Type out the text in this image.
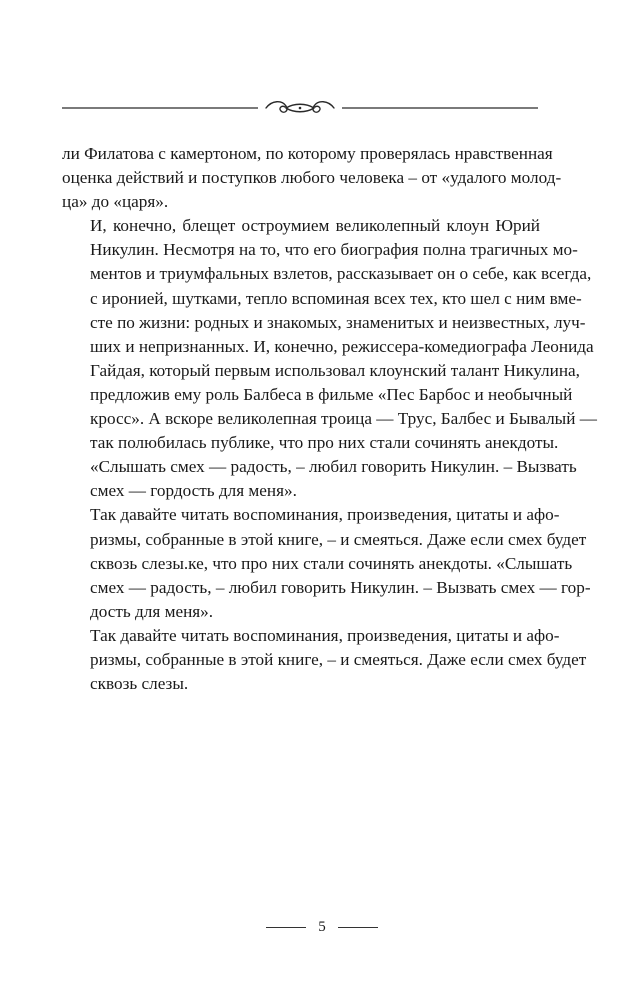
ли Филатова с камертоном, по которому проверялась нравственная
оценка действий и поступков любого человека – от «удалого молод-
ца» до «царя».

И, конечно, блещет остроумием великолепный клоун Юрий
Никулин. Несмотря на то, что его биография полна трагичных мо-
ментов и триумфальных взлетов, рассказывает он о себе, как всегда,
с иронией, шутками, тепло вспоминая всех тех, кто шел с ним вме-
сте по жизни: родных и знакомых, знаменитых и неизвестных, луч-
ших и непризнанных. И, конечно, режиссера-комедиографа Леонида
Гайдая, который первым использовал клоунский талант Никулина,
предложив ему роль Балбеса в фильме «Пес Барбос и необычный
кросс». А вскоре великолепная троица — Трус, Балбес и Бывалый —
так полюбилась публике, что про них стали сочинять анекдоты.
«Слышать смех — радость, – любил говорить Никулин. – Вызвать
смех — гордость для меня».

Так давайте читать воспоминания, произведения, цитаты и афо-
ризмы, собранные в этой книге, – и смеяться. Даже если смех будет
сквозь слезы.ке, что про них стали сочинять анекдоты. «Слышать
смех — радость, – любил говорить Никулин. – Вызвать смех — гор-
дость для меня».

Так давайте читать воспоминания, произведения, цитаты и афо-
ризмы, собранные в этой книге, – и смеяться. Даже если смех будет
сквозь слезы.

5
